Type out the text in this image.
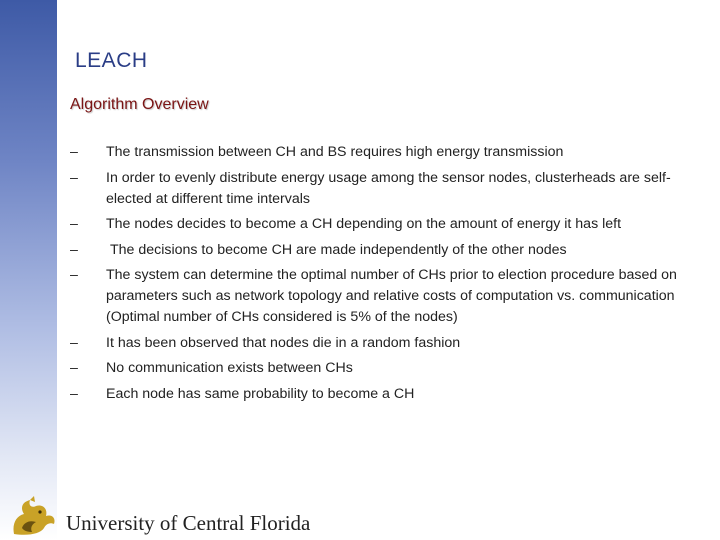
LEACH
Algorithm Overview
–	The transmission between CH and BS requires high energy transmission
–	In order to evenly distribute energy usage among the sensor nodes, clusterheads are self-elected at different time intervals
–	The nodes decides to become a CH depending on the amount of energy it has left
–	The decisions to become CH are made independently of the other nodes
–	The system can determine the optimal number of CHs prior to election procedure based on parameters such as network topology and relative costs of computation vs. communication (Optimal number of CHs considered is 5% of the nodes)
–	It has been observed that nodes die in a random fashion
–	No communication exists between CHs
–	Each node has same probability to become a CH
University of Central Florida
